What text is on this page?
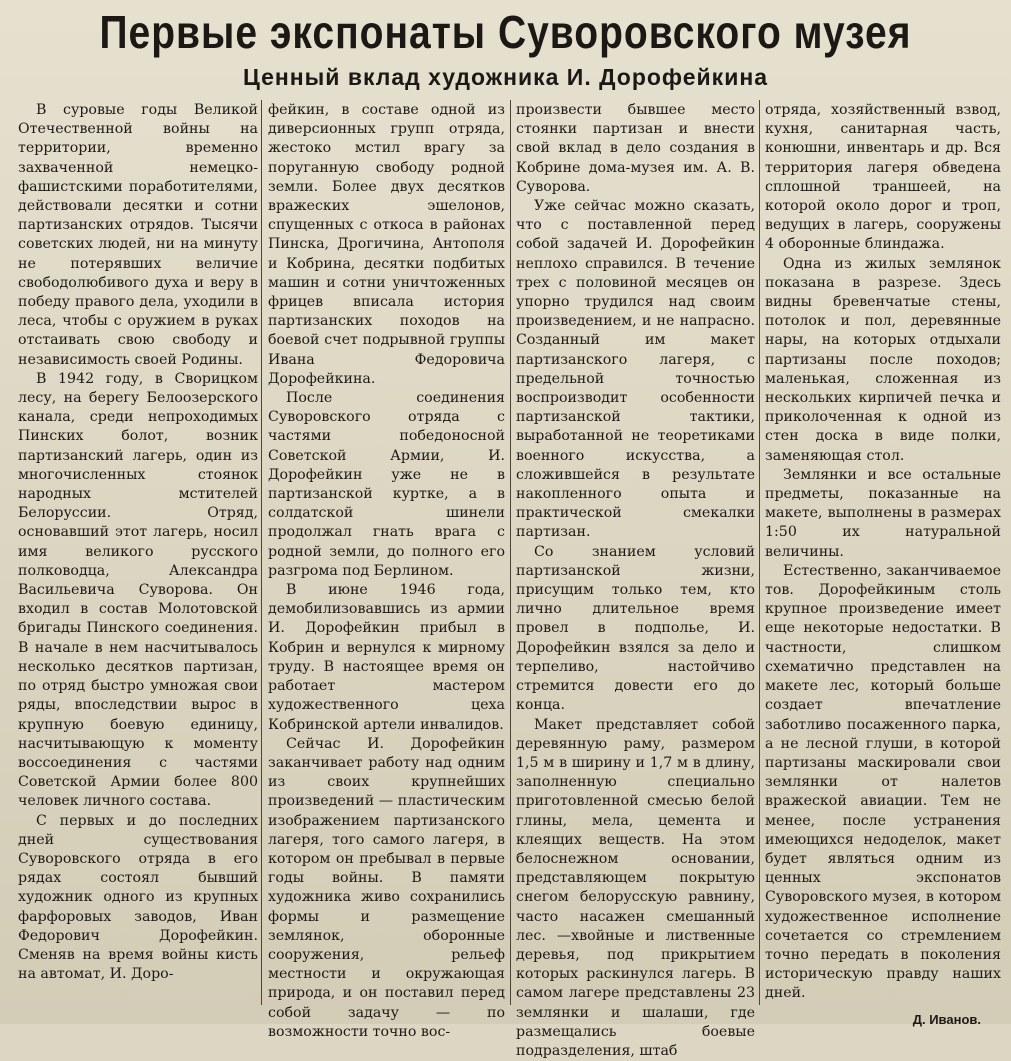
Первые экспонаты Суворовского музея
Ценный вклад художника И. Дорофейкина

В суровые годы Великой Отечественной войны на территории, временно захваченной немецко-фашистскими поработителями, действовали десятки и сотни партизанских отрядов. Тысячи советских людей, ни на минуту не потерявших величие свободолюбивого духа и веру в победу правого дела, уходили в леса, чтобы с оружием в руках отстаивать свою свободу и независимость своей Родины.

В 1942 году, в Сворицком лесу, на берегу Белоозерского канала, среди непроходимых Пинских болот, возник партизанский лагерь, один из многочисленных стоянок народных мстителей Белоруссии. Отряд, основавший этот лагерь, носил имя великого русского полководца, Александра Васильевича Суворова. Он входил в состав Молотовской бригады Пинского соединения. В начале в нем насчитывалось несколько десятков партизан, по отряд быстро умножая свои ряды, впоследствии вырос в крупную боевую единицу, насчитывающую к моменту воссоединения с частями Советской Армии более 800 человек личного состава.

С первых и до последних дней существования Суворовского отряда в его рядах состоял бывший художник одного из крупных фарфоровых заводов, Иван Федорович Дорофейкин. Сменяв на время войны кисть на автомат, И. Доро-

фейкин, в составе одной из диверсионных групп отряда, жестоко мстил врагу за поруганную свободу родной земли. Более двух десятков вражеских эшелонов, спущенных с откоса в районах Пинска, Дрогичина, Антополя и Кобрина, десятки подбитых машин и сотни уничтоженных фрицев вписала история партизанских походов на боевой счет подрывной группы Ивана Федоровича Дорофейкина.

После соединения Суворовского отряда с частями победоносной Советской Армии, И. Дорофейкин уже не в партизанской куртке, а в солдатской шинели продолжал гнать врага с родной земли, до полного его разгрома под Берлином.

В июне 1946 года, демобилизовавшись из армии И. Дорофейкин прибыл в Кобрин и вернулся к мирному труду. В настоящее время он работает мастером художественного цеха Кобринской артели инвалидов.

Сейчас И. Дорофейкин заканчивает работу над одним из своих крупнейших произведений — пластическим изображением партизанского лагеря, того самого лагеря, в котором он пребывал в первые годы войны. В памяти художника живо сохранились формы и размещение землянок, оборонные сооружения, рельеф местности и окружающая природа, и он поставил перед собой задачу — по возможности точно вос-

произвести бывшее место стоянки партизан и внести свой вклад в дело создания в Кобрине дома-музея им. А. В. Суворова.

Уже сейчас можно сказать, что с поставленной перед собой задачей И. Дорофейкин неплохо справился. В течение трех с половиной месяцев он упорно трудился над своим произведением, и не напрасно. Созданный им макет партизанского лагеря, с предельной точностью воспроизводит особенности партизанской тактики, выработанной не теоретиками военного искусства, а сложившейся в результате накопленного опыта и практической смекалки партизан.

Со знанием условий партизанской жизни, присущим только тем, кто лично длительное время провел в подполье, И. Дорофейкин взялся за дело и терпеливо, настойчиво стремится довести его до конца.

Макет представляет собой деревянную раму, размером 1,5 м в ширину и 1,7 м в длину, заполненную специально приготовленной смесью белой глины, мела, цемента и клеящих веществ. На этом белоснежном основании, представляющем покрытую снегом белорусскую равнину, часто насажен смешанный лес. —хвойные и лиственные деревья, под прикрытием которых раскинулся лагерь. В самом лагере представлены 23 землянки и шалаши, где размещались боевые подразделения, штаб

отряда, хозяйственный взвод, кухня, санитарная часть, конюшни, инвентарь и др. Вся территория лагеря обведена сплошной траншеей, на которой около дорог и троп, ведущих в лагерь, сооружены 4 оборонные блиндажа.

Одна из жилых землянок показана в разрезе. Здесь видны бревенчатые стены, потолок и пол, деревянные нары, на которых отдыхали партизаны после походов; маленькая, сложенная из нескольких кирпичей печка и приколоченная к одной из стен доска в виде полки, заменяющая стол.

Землянки и все остальные предметы, показанные на макете, выполнены в размерах 1:50 их натуральной величины.

Естественно, заканчиваемое тов. Дорофейкиным столь крупное произведение имеет еще некоторые недостатки. В частности, слишком схематично представлен на макете лес, который больше создает впечатление заботливо посаженного парка, а не лесной глуши, в которой партизаны маскировали свои землянки от налетов вражеской авиации. Тем не менее, после устранения имеющихся недоделок, макет будет являться одним из ценных экспонатов Суворовского музея, в котором художественное исполнение сочетается со стремлением точно передать в поколения историческую правду наших дней.

Д. Иванов.
